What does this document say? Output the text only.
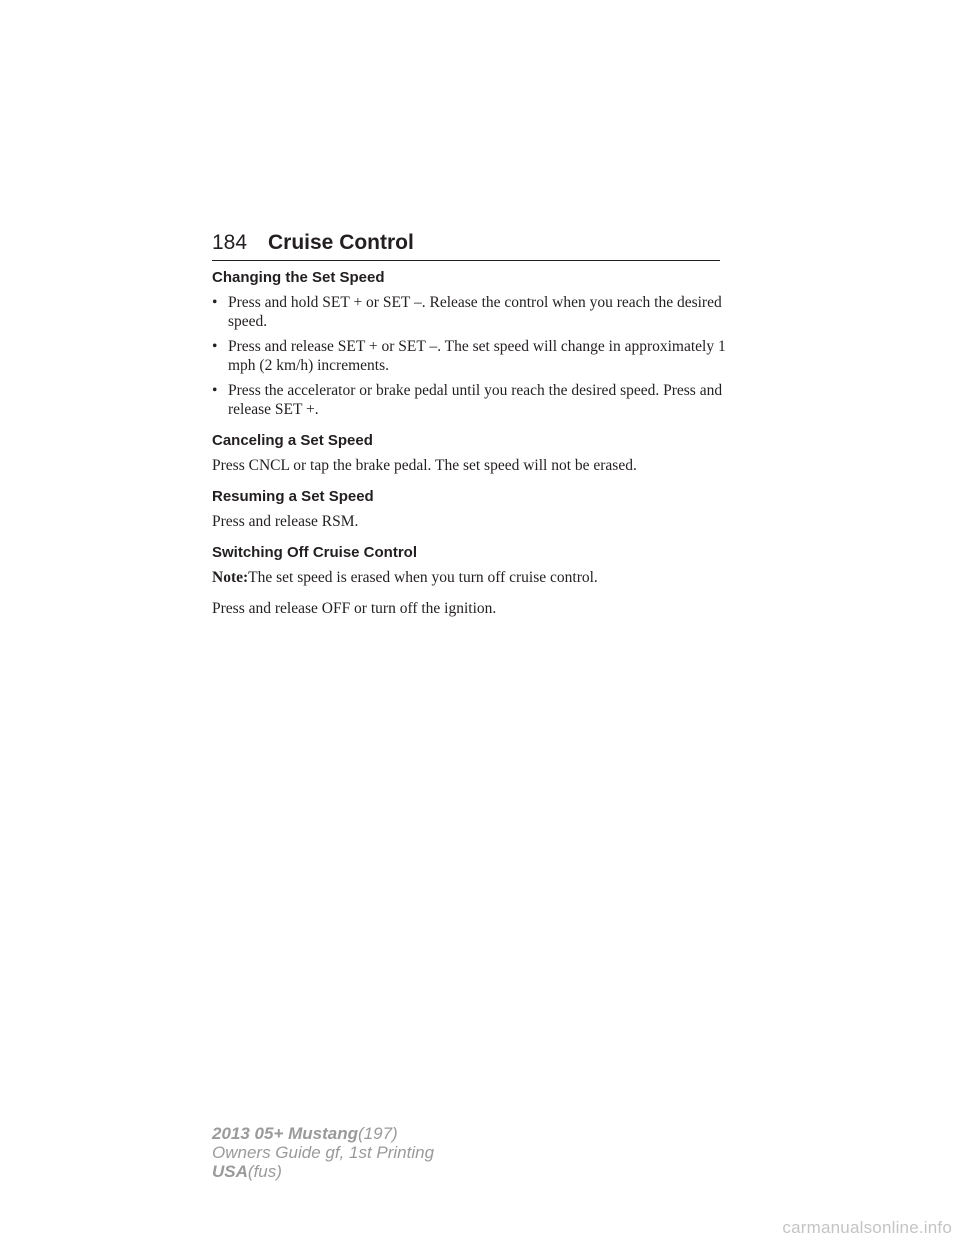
184 Cruise Control
Changing the Set Speed
• Press and hold SET + or SET –. Release the control when you reach the desired speed.
• Press and release SET + or SET –. The set speed will change in approximately 1 mph (2 km/h) increments.
• Press the accelerator or brake pedal until you reach the desired speed. Press and release SET +.
Canceling a Set Speed

Press CNCL or tap the brake pedal. The set speed will not be erased.

Resuming a Set Speed

Press and release RSM.

Switching Off Cruise Control

Note:The set speed is erased when you turn off cruise control.

Press and release OFF or turn off the ignition.

2013 05+ Mustang(197)
Owners Guide gf, 1st Printing
USA(fus)
carmanualsonline.info
